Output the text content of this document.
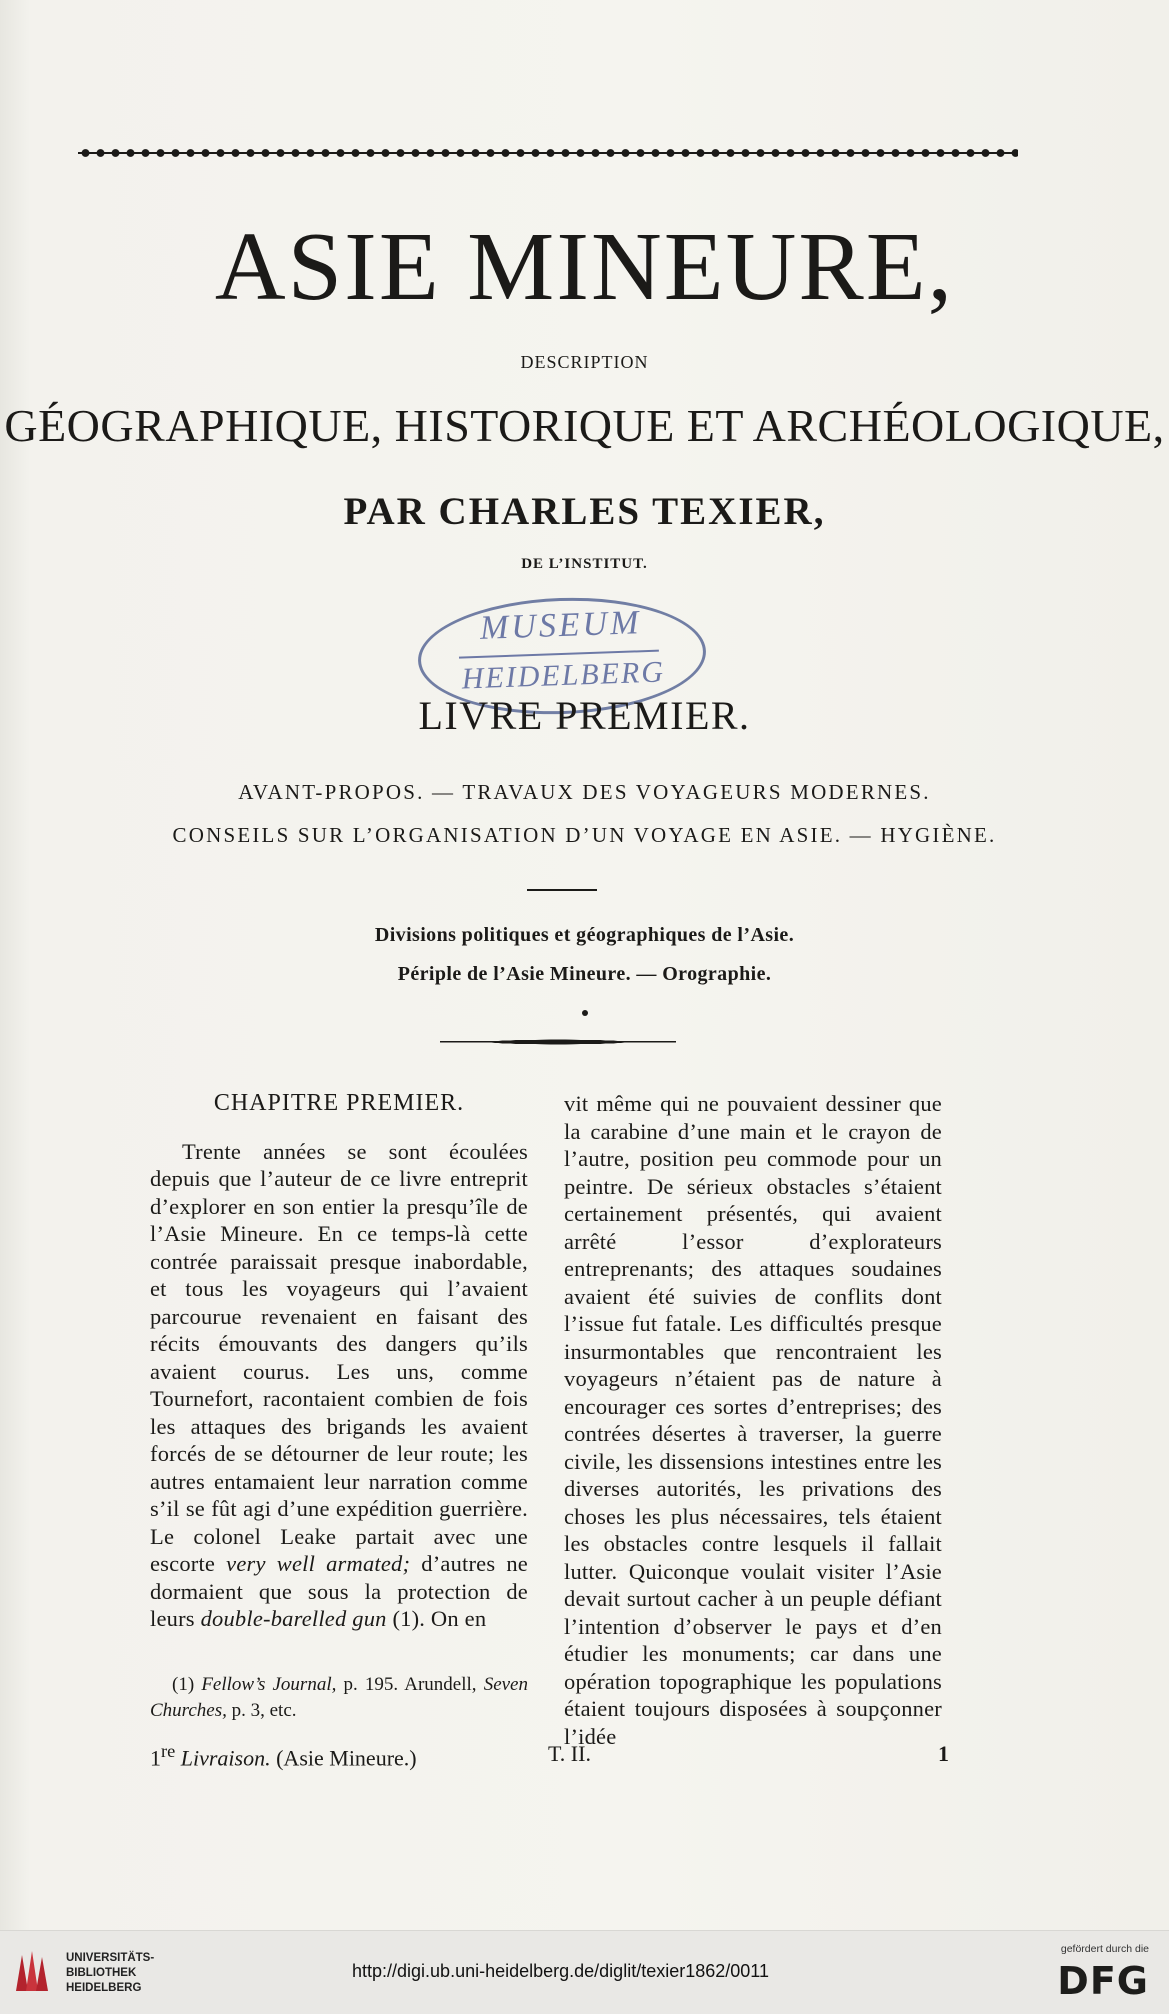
ASIE MINEURE,
DESCRIPTION
GÉOGRAPHIQUE, HISTORIQUE ET ARCHÉOLOGIQUE,
PAR CHARLES TEXIER,
DE L’INSTITUT.
MUSEUM
HEIDELBERG
LIVRE PREMIER.
AVANT-PROPOS. — TRAVAUX DES VOYAGEURS MODERNES.
CONSEILS SUR L’ORGANISATION D’UN VOYAGE EN ASIE. — HYGIÈNE.
Divisions politiques et géographiques de l’Asie.
Périple de l’Asie Mineure. — Orographie.
CHAPITRE PREMIER.
Trente années se sont écoulées depuis que l’auteur de ce livre entreprit d’explorer en son entier la presqu’île de l’Asie Mineure. En ce temps-là cette contrée paraissait presque inabordable, et tous les voyageurs qui l’avaient parcourue revenaient en faisant des récits émouvants des dangers qu’ils avaient courus. Les uns, comme Tournefort, racontaient combien de fois les attaques des brigands les avaient forcés de se détourner de leur route; les autres entamaient leur narration comme s’il se fût agi d’une expédition guerrière. Le colonel Leake partait avec une escorte very well armated; d’autres ne dormaient que sous la protection de leurs double-barelled gun (1). On en
vit même qui ne pouvaient dessiner que la carabine d’une main et le crayon de l’autre, position peu commode pour un peintre. De sérieux obstacles s’étaient certainement présentés, qui avaient arrêté l’essor d’explorateurs entreprenants; des attaques soudaines avaient été suivies de conflits dont l’issue fut fatale. Les difficultés presque insurmontables que rencontraient les voyageurs n’étaient pas de nature à encourager ces sortes d’entreprises; des contrées désertes à traverser, la guerre civile, les dissensions intestines entre les diverses autorités, les privations des choses les plus nécessaires, tels étaient les obstacles contre lesquels il fallait lutter. Quiconque voulait visiter l’Asie devait surtout cacher à un peuple défiant l’intention d’observer le pays et d’en étudier les monuments; car dans une opération topographique les populations étaient toujours disposées à soupçonner l’idée
(1) Fellow’s Journal, p. 195. Arundell, Seven Churches, p. 3, etc.
1re Livraison. (Asie Mineure.)	T. II.	1
UNIVERSITÄTS-
BIBLIOTHEK
HEIDELBERG
http://digi.ub.uni-heidelberg.de/diglit/texier1862/0011
gefördert durch die
DFG
